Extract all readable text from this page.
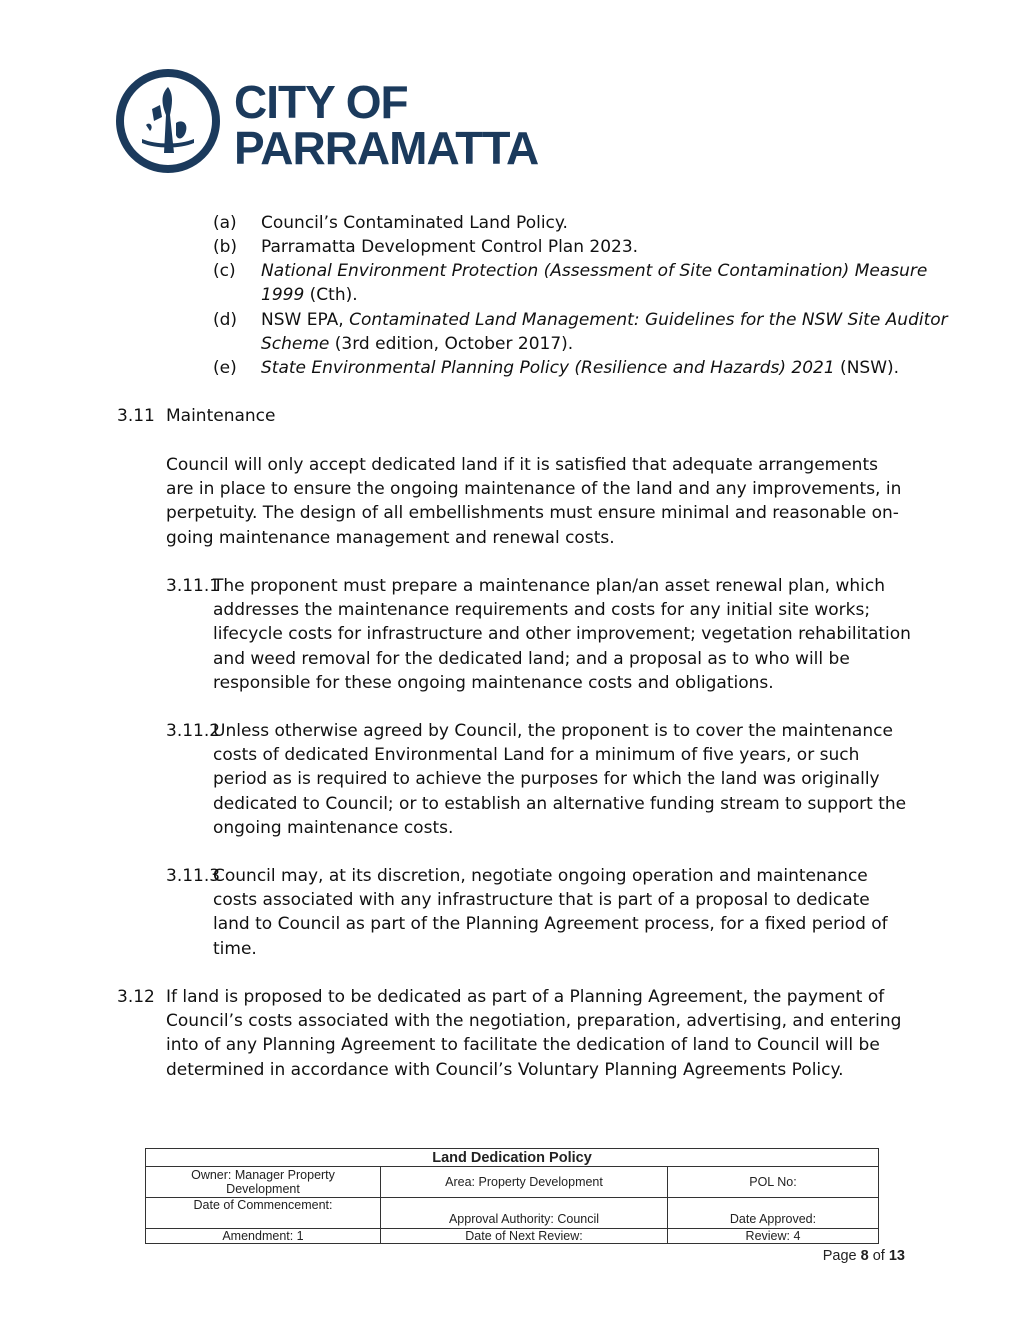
CITY OF
PARRAMATTA
(a) Council’s Contaminated Land Policy.
(b) Parramatta Development Control Plan 2023.
(c) National Environment Protection (Assessment of Site Contamination) Measure
1999 (Cth).
(d) NSW EPA, Contaminated Land Management: Guidelines for the NSW Site Auditor
Scheme (3rd edition, October 2017).
(e) State Environmental Planning Policy (Resilience and Hazards) 2021 (NSW).
3.11 Maintenance
Council will only accept dedicated land if it is satisfied that adequate arrangements
are in place to ensure the ongoing maintenance of the land and any improvements, in
perpetuity. The design of all embellishments must ensure minimal and reasonable on-
going maintenance management and renewal costs.
3.11.1
The proponent must prepare a maintenance plan/an asset renewal plan, which
addresses the maintenance requirements and costs for any initial site works;
lifecycle costs for infrastructure and other improvement; vegetation rehabilitation
and weed removal for the dedicated land; and a proposal as to who will be
responsible for these ongoing maintenance costs and obligations.
3.11.2
Unless otherwise agreed by Council, the proponent is to cover the maintenance
costs of dedicated Environmental Land for a minimum of five years, or such
period as is required to achieve the purposes for which the land was originally
dedicated to Council; or to establish an alternative funding stream to support the
ongoing maintenance costs.
3.11.3
Council may, at its discretion, negotiate ongoing operation and maintenance
costs associated with any infrastructure that is part of a proposal to dedicate
land to Council as part of the Planning Agreement process, for a fixed period of
time.
3.12 If land is proposed to be dedicated as part of a Planning Agreement, the payment of
Council’s costs associated with the negotiation, preparation, advertising, and entering
into of any Planning Agreement to facilitate the dedication of land to Council will be
determined in accordance with Council’s Voluntary Planning Agreements Policy.
Land Dedication Policy		

Owner: Manager Property
Development	Area: Property Development	POL No:
Date of Commencement:	Approval Authority: Council	Date Approved:
Amendment: 1	Date of Next Review:	Review: 4
Page 8 of 13
